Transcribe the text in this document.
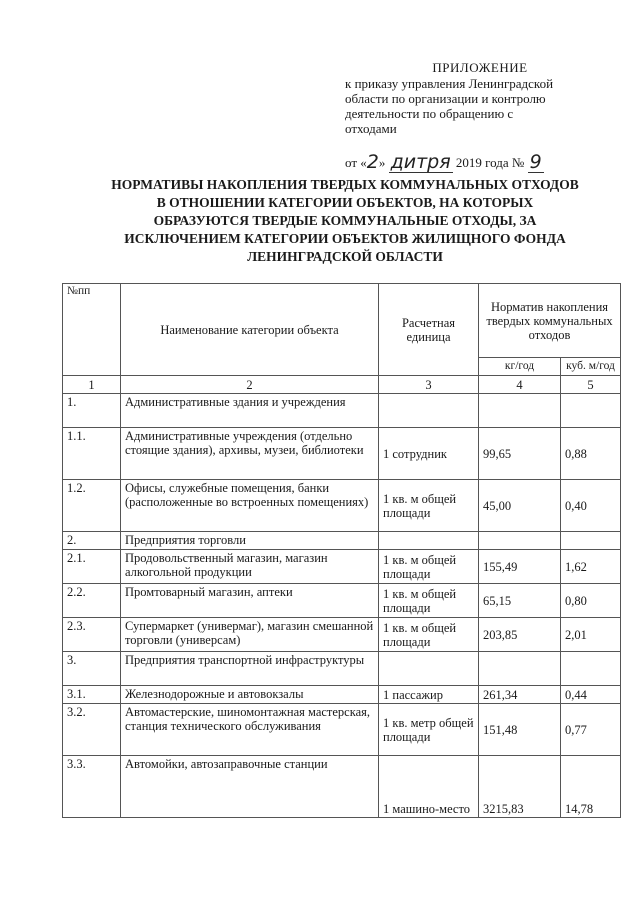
ПРИЛОЖЕНИЕ
к приказу управления Ленинградской
области по организации и контролю
деятельности по обращению с
отходами
от «2» дитря 2019 года № 9
НОРМАТИВЫ НАКОПЛЕНИЯ ТВЕРДЫХ КОММУНАЛЬНЫХ ОТХОДОВ
В ОТНОШЕНИИ КАТЕГОРИИ ОБЪЕКТОВ, НА КОТОРЫХ
ОБРАЗУЮТСЯ ТВЕРДЫЕ КОММУНАЛЬНЫЕ ОТХОДЫ, ЗА
ИСКЛЮЧЕНИЕМ КАТЕГОРИИ ОБЪЕКТОВ ЖИЛИЩНОГО ФОНДА
ЛЕНИНГРАДСКОЙ ОБЛАСТИ
№пп	Наименование категории объекта	Расчетная единица	Норматив накопления твердых коммунальных отходов	
			кг/год	куб. м/год
1	2	3	4	5
1.	Административные здания и учреждения			
1.1.	Административные учреждения (отдельно стоящие здания), архивы, музеи, библиотеки	1 сотрудник	99,65	0,88
1.2.	Офисы, служебные помещения, банки (расположенные во встроенных помещениях)	1 кв. м общей площади	45,00	0,40
2.	Предприятия торговли			
2.1.	Продовольственный магазин, магазин алкогольной продукции	1 кв. м общей площади	155,49	1,62
2.2.	Промтоварный магазин, аптеки	1 кв. м общей площади	65,15	0,80
2.3.	Супермаркет (универмаг), магазин смешанной торговли (универсам)	1 кв. м общей площади	203,85	2,01
3.	Предприятия транспортной инфраструктуры			
3.1.	Железнодорожные и автовокзалы	1 пассажир	261,34	0,44
3.2.	Автомастерские, шиномонтажная мастерская, станция технического обслуживания	1 кв. метр общей площади	151,48	0,77
3.3.	Автомойки, автозаправочные станции	1 машино-место	3215,83	14,78
